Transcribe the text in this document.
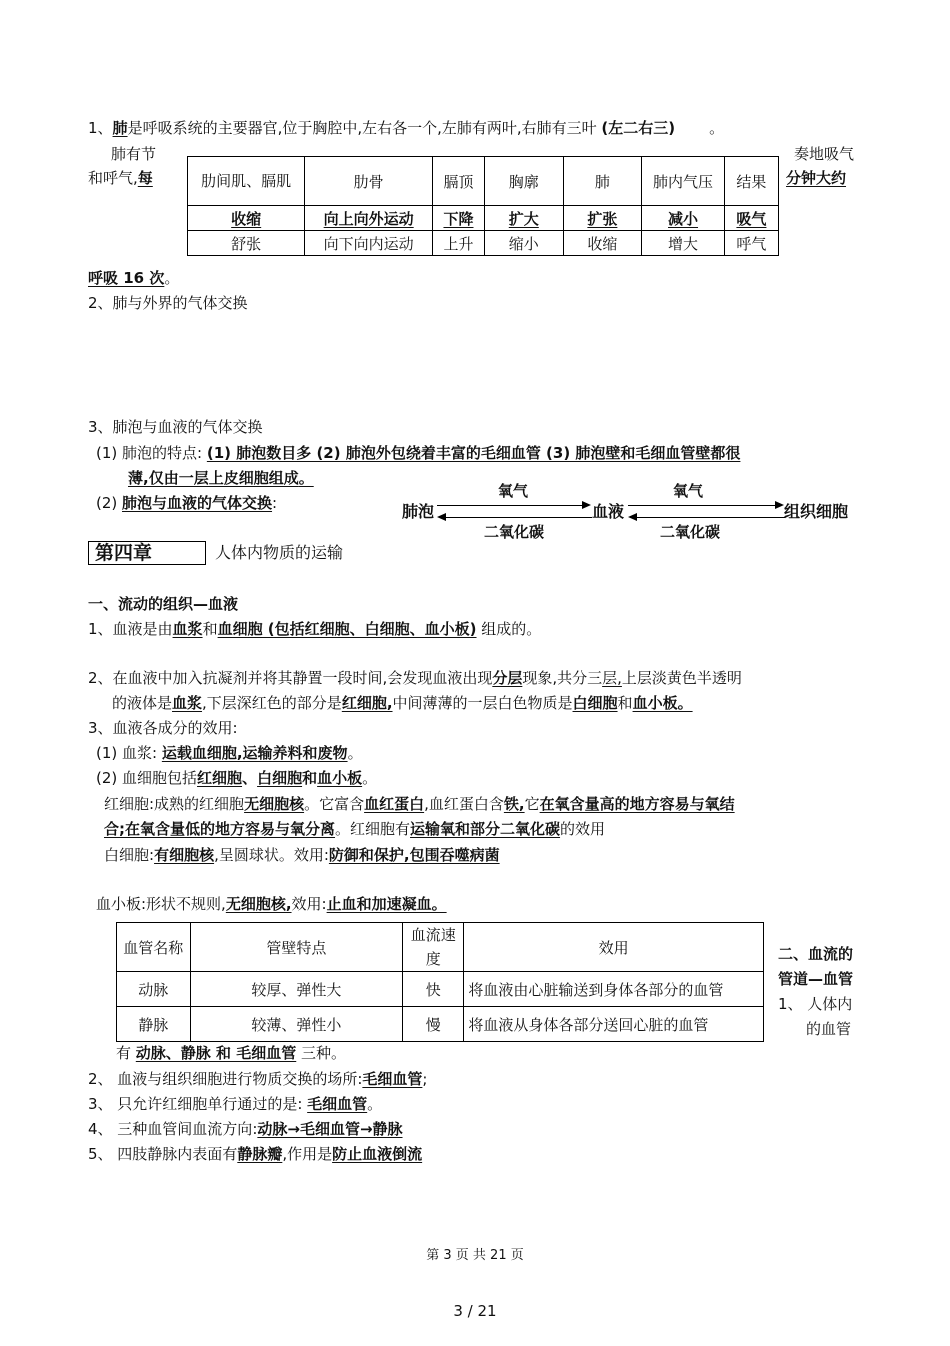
1、肺是呼吸系统的主要器官,位于胸腔中,左右各一个,左肺有两叶,右肺有三叶 (左二右三) 。
肺有节
和呼气,每
奏地吸气
分钟大约
肋间肌、膈肌	肋骨	膈顶	胸廓	肺	肺内气压	结果
收缩	向上向外运动	下降	扩大	扩张	减小	吸气
舒张	向下向内运动	上升	缩小	收缩	增大	呼气
呼吸 16 次。
2、肺与外界的气体交换
3、肺泡与血液的气体交换
(1) 肺泡的特点: (1) 肺泡数目多 (2) 肺泡外包绕着丰富的毛细血管 (3) 肺泡壁和毛细血管壁都很
薄,仅由一层上皮细胞组成。
(2) 肺泡与血液的气体交换:	肺泡	血液	组织细胞
氧气	氧气
二氧化碳	二氧化碳
第四章	人体内物质的运输
一、流动的组织—血液
1、血液是由血浆和血细胞 (包括红细胞、白细胞、血小板) 组成的。
2、在血液中加入抗凝剂并将其静置一段时间,会发现血液出现分层现象,共分三层,上层淡黄色半透明
的液体是血浆,下层深红色的部分是红细胞,中间薄薄的一层白色物质是白细胞和血小板。
3、血液各成分的效用:
(1) 血浆: 运载血细胞,运输养料和废物。
(2) 血细胞包括红细胞、白细胞和血小板。
红细胞:成熟的红细胞无细胞核。它富含血红蛋白,血红蛋白含铁,它在氧含量高的地方容易与氧结
合;在氧含量低的地方容易与氧分离。红细胞有运输氧和部分二氧化碳的效用
白细胞:有细胞核,呈圆球状。效用:防御和保护,包围吞噬病菌
血小板:形状不规则,无细胞核,效用:止血和加速凝血。
血管名称	管壁特点	血流速度	效用
动脉	较厚、弹性大	快	将血液由心脏输送到身体各部分的血管
静脉	较薄、弹性小	慢	将血液从身体各部分送回心脏的血管
二、血流的
管道—血管
1、 人体内
的血管
有 动脉、静脉 和 毛细血管 三种。
2、 血液与组织细胞进行物质交换的场所:毛细血管;
3、 只允许红细胞单行通过的是: 毛细血管。
4、 三种血管间血流方向:动脉→毛细血管→静脉
5、 四肢静脉内表面有静脉瓣,作用是防止血液倒流
第 3 页 共 21 页
3 / 21
